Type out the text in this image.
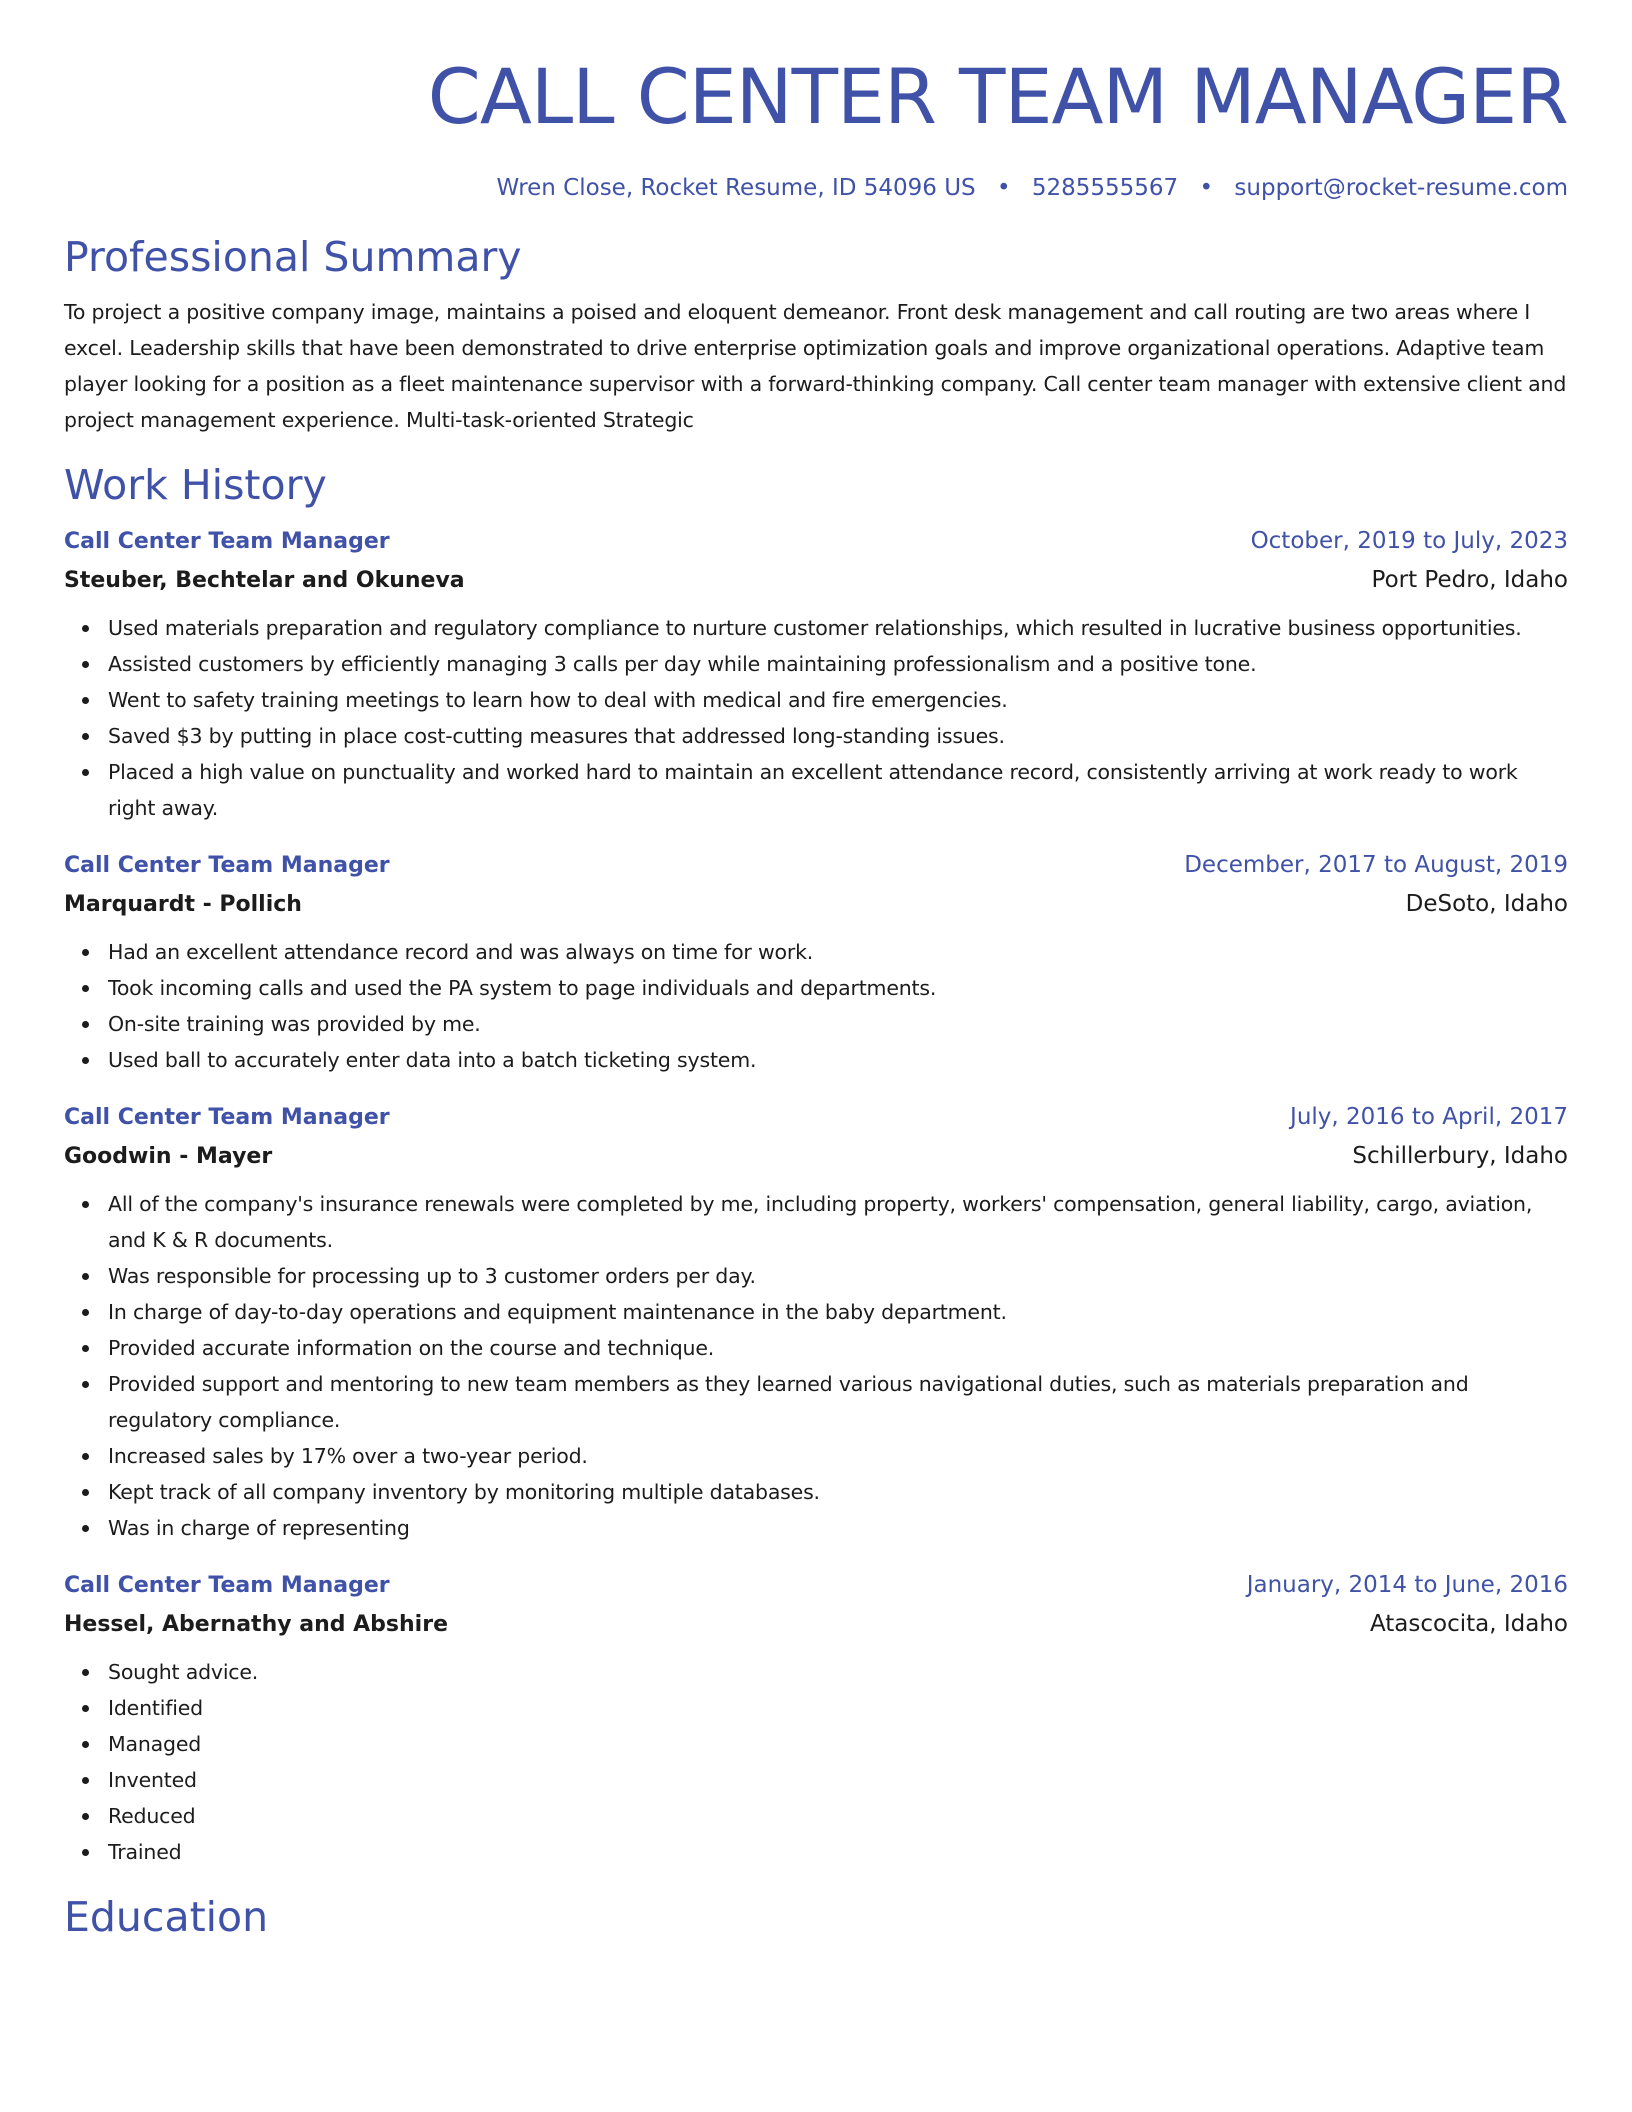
CALL CENTER TEAM MANAGER
Wren Close, Rocket Resume, ID 54096 US • 5285555567 • support@rocket-resume.com
Professional Summary

To project a positive company image, maintains a poised and eloquent demeanor. Front desk management and call routing are two areas where I excel. Leadership skills that have been demonstrated to drive enterprise optimization goals and improve organizational operations. Adaptive team player looking for a position as a fleet maintenance supervisor with a forward-thinking company. Call center team manager with extensive client and project management experience. Multi-task-oriented Strategic

Work History
Call Center Team Manager	October, 2019 to July, 2023
Steuber, Bechtelar and Okuneva	Port Pedro, Idaho
Used materials preparation and regulatory compliance to nurture customer relationships, which resulted in lucrative business opportunities.
Assisted customers by efficiently managing 3 calls per day while maintaining professionalism and a positive tone.
Went to safety training meetings to learn how to deal with medical and fire emergencies.
Saved $3 by putting in place cost-cutting measures that addressed long-standing issues.
Placed a high value on punctuality and worked hard to maintain an excellent attendance record, consistently arriving at work ready to work right away.
Call Center Team Manager	December, 2017 to August, 2019
Marquardt - Pollich	DeSoto, Idaho
Had an excellent attendance record and was always on time for work.
Took incoming calls and used the PA system to page individuals and departments.
On-site training was provided by me.
Used ball to accurately enter data into a batch ticketing system.
Call Center Team Manager	July, 2016 to April, 2017
Goodwin - Mayer	Schillerbury, Idaho
All of the company's insurance renewals were completed by me, including property, workers' compensation, general liability, cargo, aviation, and K & R documents.
Was responsible for processing up to 3 customer orders per day.
In charge of day-to-day operations and equipment maintenance in the baby department.
Provided accurate information on the course and technique.
Provided support and mentoring to new team members as they learned various navigational duties, such as materials preparation and regulatory compliance.
Increased sales by 17% over a two-year period.
Kept track of all company inventory by monitoring multiple databases.
Was in charge of representing
Call Center Team Manager	January, 2014 to June, 2016
Hessel, Abernathy and Abshire	Atascocita, Idaho
Sought advice.
Identified
Managed
Invented
Reduced
Trained
Education
